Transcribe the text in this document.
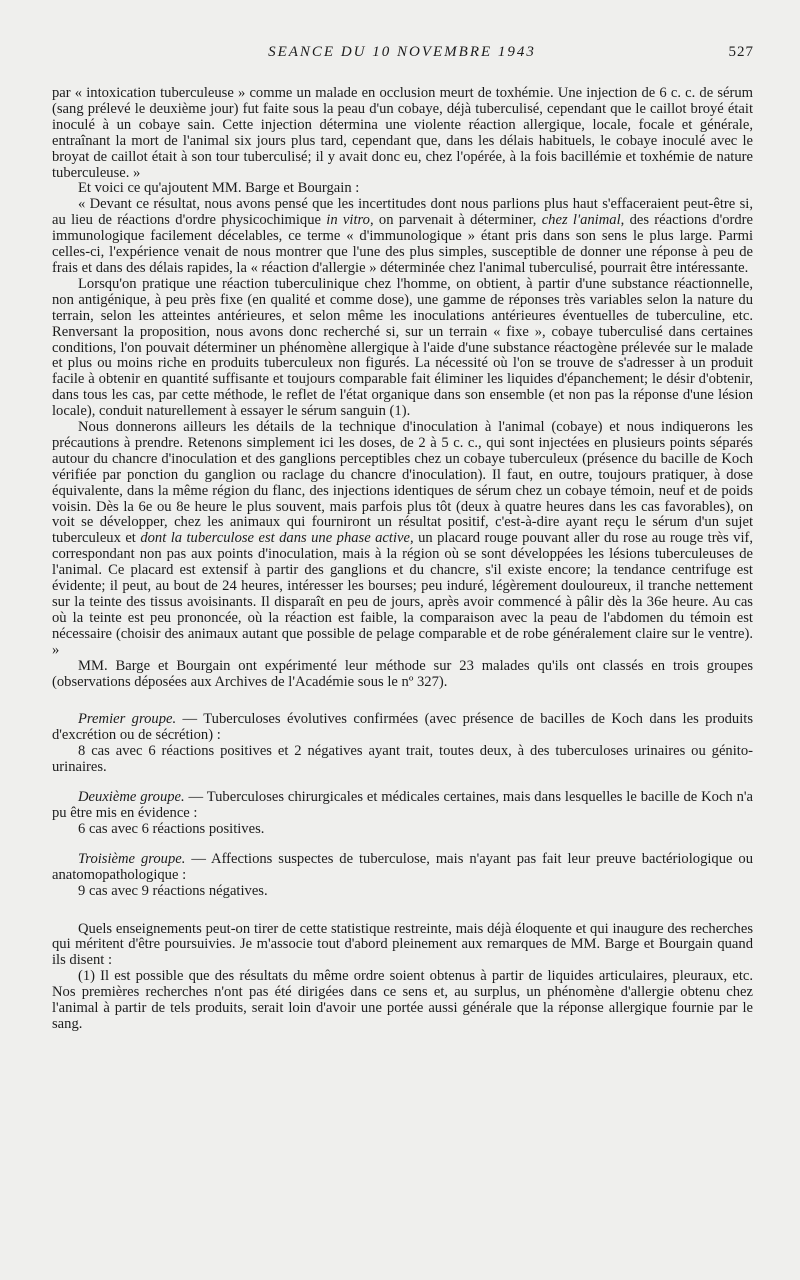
SEANCE DU 10 NOVEMBRE 1943	527

par « intoxication tuberculeuse » comme un malade en occlusion meurt de toxhémie. Une injection de 6 c. c. de sérum (sang prélevé le deuxième jour) fut faite sous la peau d'un cobaye, déjà tuberculisé, cependant que le caillot broyé était inoculé à un cobaye sain. Cette injection détermina une violente réaction allergique, locale, focale et générale, entraînant la mort de l'animal six jours plus tard, cependant que, dans les délais habituels, le cobaye inoculé avec le broyat de caillot était à son tour tuberculisé; il y avait donc eu, chez l'opérée, à la fois bacillémie et toxhémie de nature tuberculeuse. »

Et voici ce qu'ajoutent MM. Barge et Bourgain :

« Devant ce résultat, nous avons pensé que les incertitudes dont nous parlions plus haut s'effaceraient peut-être si, au lieu de réactions d'ordre physicochimique in vitro, on parvenait à déterminer, chez l'animal, des réactions d'ordre immunologique facilement décelables, ce terme « d'immunologique » étant pris dans son sens le plus large. Parmi celles-ci, l'expérience venait de nous montrer que l'une des plus simples, susceptible de donner une réponse à peu de frais et dans des délais rapides, la « réaction d'allergie » déterminée chez l'animal tuberculisé, pourrait être intéressante.

Lorsqu'on pratique une réaction tuberculinique chez l'homme, on obtient, à partir d'une substance réactionnelle, non antigénique, à peu près fixe (en qualité et comme dose), une gamme de réponses très variables selon la nature du terrain, selon les atteintes antérieures, et selon même les inoculations antérieures éventuelles de tuberculine, etc. Renversant la proposition, nous avons donc recherché si, sur un terrain « fixe », cobaye tuberculisé dans certaines conditions, l'on pouvait déterminer un phénomène allergique à l'aide d'une substance réactogène prélevée sur le malade et plus ou moins riche en produits tuberculeux non figurés. La nécessité où l'on se trouve de s'adresser à un produit facile à obtenir en quantité suffisante et toujours comparable fait éliminer les liquides d'épanchement; le désir d'obtenir, dans tous les cas, par cette méthode, le reflet de l'état organique dans son ensemble (et non pas la réponse d'une lésion locale), conduit naturellement à essayer le sérum sanguin (1).

Nous donnerons ailleurs les détails de la technique d'inoculation à l'animal (cobaye) et nous indiquerons les précautions à prendre. Retenons simplement ici les doses, de 2 à 5 c. c., qui sont injectées en plusieurs points séparés autour du chancre d'inoculation et des ganglions perceptibles chez un cobaye tuberculeux (présence du bacille de Koch vérifiée par ponction du ganglion ou raclage du chancre d'inoculation). Il faut, en outre, toujours pratiquer, à dose équivalente, dans la même région du flanc, des injections identiques de sérum chez un cobaye témoin, neuf et de poids voisin. Dès la 6e ou 8e heure le plus souvent, mais parfois plus tôt (deux à quatre heures dans les cas favorables), on voit se développer, chez les animaux qui fourniront un résultat positif, c'est-à-dire ayant reçu le sérum d'un sujet tuberculeux et dont la tuberculose est dans une phase active, un placard rouge pouvant aller du rose au rouge très vif, correspondant non pas aux points d'inoculation, mais à la région où se sont développées les lésions tuberculeuses de l'animal. Ce placard est extensif à partir des ganglions et du chancre, s'il existe encore; la tendance centrifuge est évidente; il peut, au bout de 24 heures, intéresser les bourses; peu induré, légèrement douloureux, il tranche nettement sur la teinte des tissus avoisinants. Il disparaît en peu de jours, après avoir commencé à pâlir dès la 36e heure. Au cas où la teinte est peu prononcée, où la réaction est faible, la comparaison avec la peau de l'abdomen du témoin est nécessaire (choisir des animaux autant que possible de pelage comparable et de robe généralement claire sur le ventre). »

MM. Barge et Bourgain ont expérimenté leur méthode sur 23 malades qu'ils ont classés en trois groupes (observations déposées aux Archives de l'Académie sous le nº 327).

Premier groupe. — Tuberculoses évolutives confirmées (avec présence de bacilles de Koch dans les produits d'excrétion ou de sécrétion) :

8 cas avec 6 réactions positives et 2 négatives ayant trait, toutes deux, à des tuberculoses urinaires ou génito-urinaires.

Deuxième groupe. — Tuberculoses chirurgicales et médicales certaines, mais dans lesquelles le bacille de Koch n'a pu être mis en évidence :

6 cas avec 6 réactions positives.

Troisième groupe. — Affections suspectes de tuberculose, mais n'ayant pas fait leur preuve bactériologique ou anatomopathologique :

9 cas avec 9 réactions négatives.

Quels enseignements peut-on tirer de cette statistique restreinte, mais déjà éloquente et qui inaugure des recherches qui méritent d'être poursuivies. Je m'associe tout d'abord pleinement aux remarques de MM. Barge et Bourgain quand ils disent :

(1) Il est possible que des résultats du même ordre soient obtenus à partir de liquides articulaires, pleuraux, etc. Nos premières recherches n'ont pas été dirigées dans ce sens et, au surplus, un phénomène d'allergie obtenu chez l'animal à partir de tels produits, serait loin d'avoir une portée aussi générale que la réponse allergique fournie par le sang.
